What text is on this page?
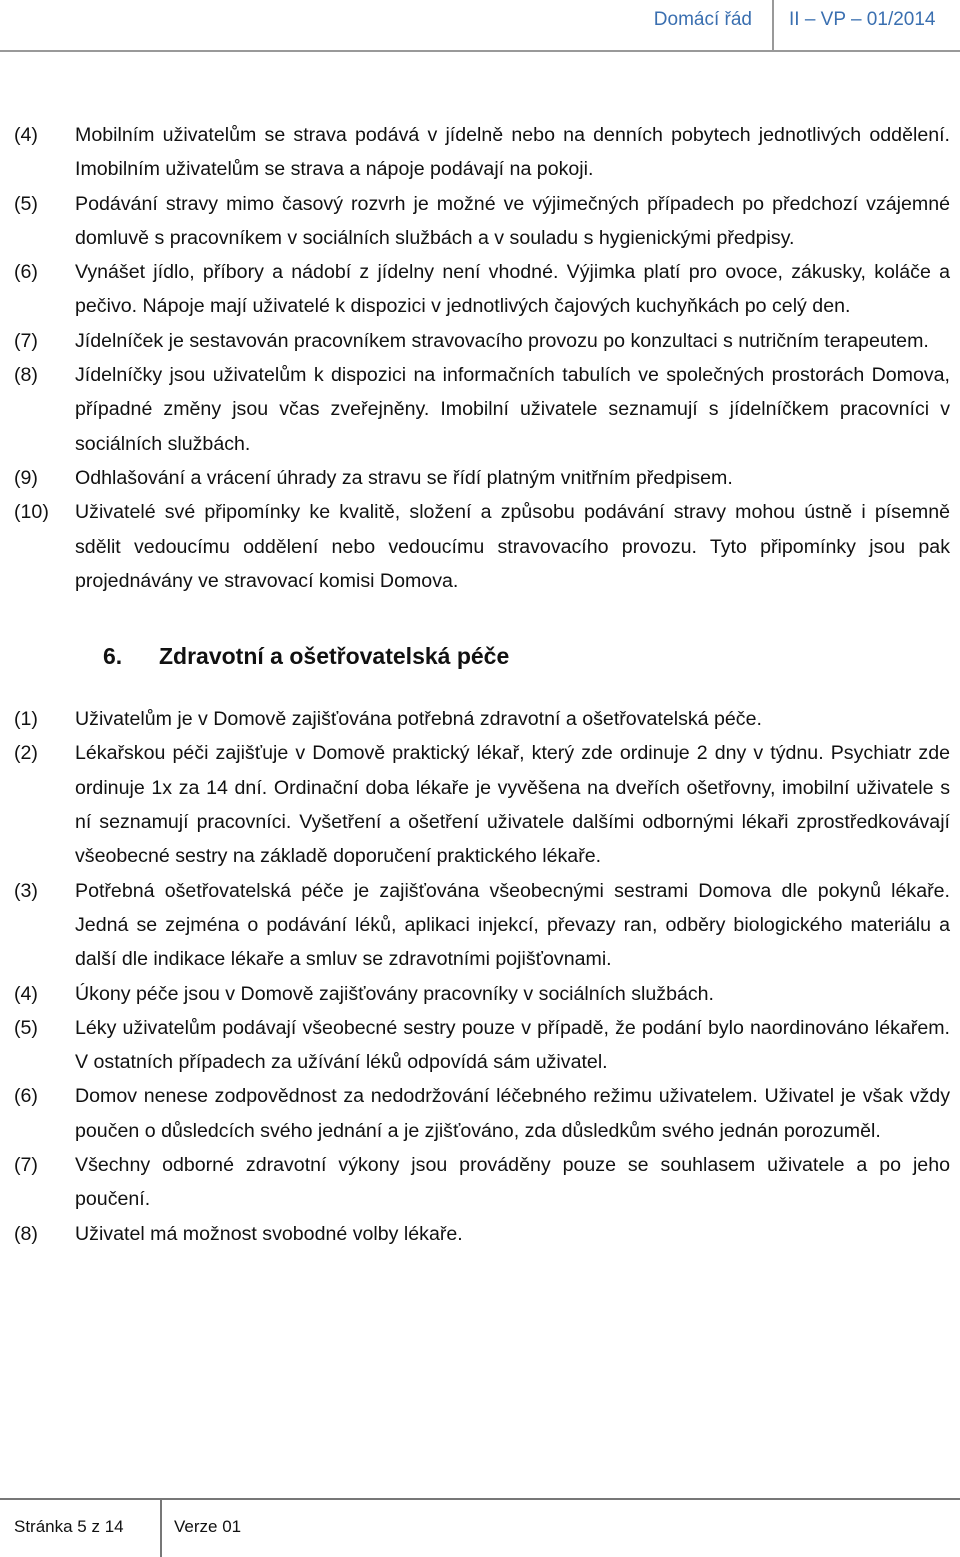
Domácí řád II – VP – 01/2014
(4) Mobilním uživatelům se strava podává v jídelně nebo na denních pobytech jednotlivých oddělení. Imobilním uživatelům se strava a nápoje podávají na pokoji.
(5) Podávání stravy mimo časový rozvrh je možné ve výjimečných případech po předchozí vzájemné domluvě s pracovníkem v sociálních službách a v souladu s hygienickými předpisy.
(6) Vynášet jídlo, příbory a nádobí z jídelny není vhodné. Výjimka platí pro ovoce, zákusky, koláče a pečivo. Nápoje mají uživatelé k dispozici v jednotlivých čajových kuchyňkách po celý den.
(7) Jídelníček je sestavován pracovníkem stravovacího provozu po konzultaci s nutričním terapeutem.
(8) Jídelníčky jsou uživatelům k dispozici na informačních tabulích ve společných prostorách Domova, případné změny jsou včas zveřejněny. Imobilní uživatele seznamují s jídelníčkem pracovníci v sociálních službách.
(9) Odhlašování a vrácení úhrady za stravu se řídí platným vnitřním předpisem.
(10) Uživatelé své připomínky ke kvalitě, složení a způsobu podávání stravy mohou ústně i písemně sdělit vedoucímu oddělení nebo vedoucímu stravovacího provozu. Tyto připomínky jsou pak projednávány ve stravovací komisi Domova.
6. Zdravotní a ošetřovatelská péče
(1) Uživatelům je v Domově zajišťována potřebná zdravotní a ošetřovatelská péče.
(2) Lékařskou péči zajišťuje v Domově praktický lékař, který zde ordinuje 2 dny v týdnu. Psychiatr zde ordinuje 1x za 14 dní. Ordinační doba lékaře je vyvěšena na dveřích ošetřovny, imobilní uživatele s ní seznamují pracovníci. Vyšetření a ošetření uživatele dalšími odbornými lékaři zprostředkovávají všeobecné sestry na základě doporučení praktického lékaře.
(3) Potřebná ošetřovatelská péče je zajišťována všeobecnými sestrami Domova dle pokynů lékaře. Jedná se zejména o podávání léků, aplikaci injekcí, převazy ran, odběry biologického materiálu a další dle indikace lékaře a smluv se zdravotními pojišťovnami.
(4) Úkony péče jsou v Domově zajišťovány pracovníky v sociálních službách.
(5) Léky uživatelům podávají všeobecné sestry pouze v případě, že podání bylo naordinováno lékařem. V ostatních případech za užívání léků odpovídá sám uživatel.
(6) Domov nenese zodpovědnost za nedodržování léčebného režimu uživatelem. Uživatel je však vždy poučen o důsledcích svého jednání a je zjišťováno, zda důsledkům svého jednán porozuměl.
(7) Všechny odborné zdravotní výkony jsou prováděny pouze se souhlasem uživatele a po jeho poučení.
(8) Uživatel má možnost svobodné volby lékaře.
Stránka 5 z 14	Verze 01
